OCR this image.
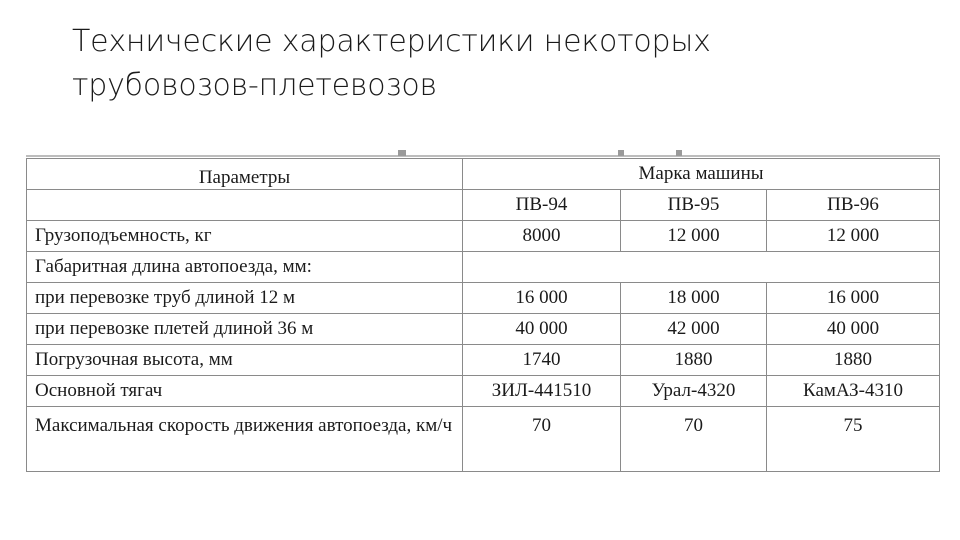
Технические характеристики некоторых
трубовозов-плетевозов
Параметры	Марка машины		
	ПВ-94	ПВ-95	ПВ-96
Грузоподъемность, кг	8000	12 000	12 000
Габаритная длина автопоезда, мм:			
при перевозке труб длиной 12 м	16 000	18 000	16 000
при перевозке плетей длиной 36 м	40 000	42 000	40 000
Погрузочная высота, мм	1740	1880	1880
Основной тягач	ЗИЛ-441510	Урал-4320	КамАЗ-4310
Максимальная скорость движения автопоезда, км/ч	70	70	75
